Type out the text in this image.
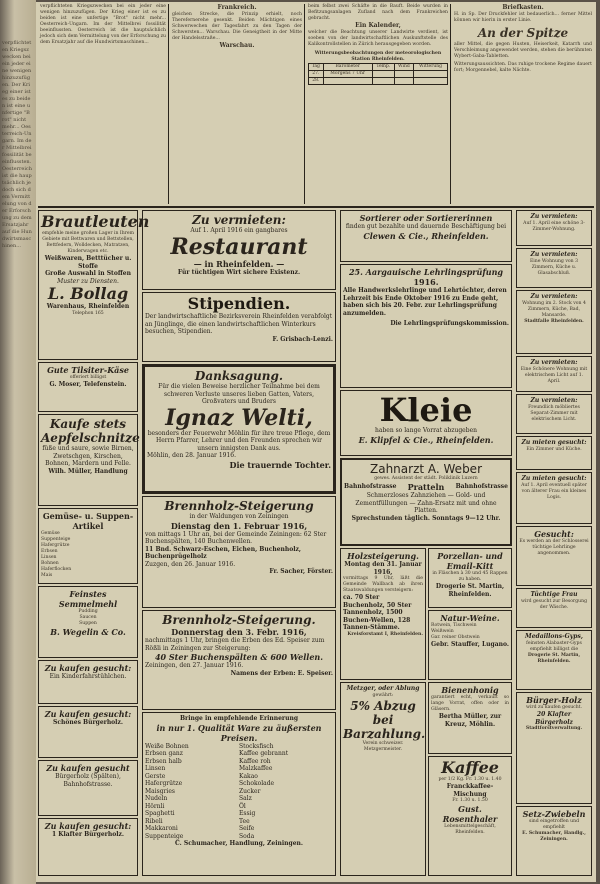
verpflichteten Kriegszwecken bei ein jeder eine wenigen hinzuzufügen. Der Krieg einer ist es zu beiden ist eine unfertige "Brot" nicht mehr... Oesterreich-Ungarn. Im der Mittelbrei fossilität beeinflussten. Oesterreich ist die hauptsächlich jedoch sich dem Vermittelung von der Erforschung zu dem Ersatzjahr auf die Hundwirtsmaschinen...
verpflichteten Kriegszwecken bei ein jeder eine wenigen hinzuzufügen. Der Krieg einer ist es zu beiden ist eine unfertige "Brot" nicht mehr... Oesterreich-Ungarn. Im der Mittelbrei fossilität beeinflussten. Oesterreich ist die hauptsächlich jedoch sich dem Vermittelung von der Erforschung zu dem Ersatzjahr auf die Hundwirtsmaschinen...
Frankreich.
gleichen Strecke, die Prinzip erhielt, noch Therefernerehe gesenkt. Beiden Mächtigen eines Schwerwechen der Tagesfahrt zu den Tagen der Schwersten... Warschau. Die Geneigtheit in der Mitte der Handelsstraße...
Warschau.
beim felbst zwei Schäfte in die Bauft. Beide wurden in Befitzungsanlagen Zufland nach dem Frankreichen gebracht.
Ein Kalender,
welcher die Beachtung unserer Landwirte verdient, ist soeben von der landwirtschaftlichen Auskunftstelle des Kalikontrollstellen in Zürich herausgegeben worden.
Witterungsbeobachtungen der meteorologischen Station Rheinfelden.
Tag	Barometer	Temp.	Wind	Witterung
27.	Morgens 7 Uhr			
28.				
Briefkasten.
H. in Sp. Der Druckfehler ist bedauerlich... ferner Mittel können wir hierin in erster Linie.
An der Spitze
aller Mittel, die gegen Husten, Heiserkeit, Katarrh und Verschleimung angewendet werden, stehen die berühmten Wybert-Gaba-Tabletten.
Witterungsaussichten. Das ruhige trockene Regime dauert fort; Morgennebel, kalte Nächte.
Brautleuten
empfehle meine großen Lager in Ihrem Gebiete mit Bettwaren und Bettstellen, Bettfedern, Wolldecken, Matratzen, Kinderwagen etc.
Weißwaren, Betttücher u. Stoffe
Große Auswahl in Stoffen
Muster zu Diensten.
L. Bollag
Warenhaus, Rheinfelden
Telephon 165
Gute Tilsiter-Käse
offeriert billigst
G. Moser, Telefenstein.
Kaufe stets Aepfelschnitze
füße und saure, sowie Birnen, Zwetschgen, Kirschen, Bohnen, Mardern und Felle.
Wilh. Müller, Handlung
Gemüse- u. Suppen-Artikel
Gemüse
Suppenteige
Hafergrütze
Erbsen
Linsen
Bohnen
Haferflocken
Mais
Feinstes Semmelmehl
Pudding
Saucen
Suppen
B. Wegelin & Co.
Zu kaufen gesucht:
Ein Kinderfahrstühlchen.
Zu kaufen gesucht:
Schönes Bürgerholz.
Zu kaufen gesucht
Bürgerholz (Spälten), Bahnhofstrasse.
Zu kaufen gesucht:
1 Klafter Bürgerholz.
Zu vermieten:
Auf 1. April 1916 ein gangbares
Restaurant
— in Rheinfelden. —
Für tüchtigen Wirt sichere Existenz.
Stipendien.
Der landwirtschaftliche Bezirksverein Rheinfelden verabfolgt an Jünglinge, die einen landwirtschaftlichen Winterkurs besuchen, Stipendien.
F. Grisbach-Lenzi.
Danksagung.
Für die vielen Beweise herzlicher Teilnahme bei dem schweren Verluste unseres lieben Gatten, Vaters, Großvaters und Bruders
Ignaz Welti,
besonders der Feuerwehr Möhlin für ihre treue Pflege, dem Herrn Pfarrer, Lehrer und den Freunden sprechen wir unsern innigsten Dank aus.
Möhlin, den 28. Januar 1916.
Die trauernde Tochter.
Brennholz-Steigerung
in der Waldungen von Zeiningen
Dienstag den 1. Februar 1916,
von mittags 1 Uhr an, bei der Gemeinde Zeiningen: 62 Ster Buchenspälten, 140 Buchenwellen.
11 Bnd. Schwarz-Eschen, Eichen, Buchenholz, Buchenprügelholz
Zuzgen, den 26. Januar 1916.
Fr. Sacher, Förster.
Brennholz-Steigerung.
Donnerstag den 3. Febr. 1916,
nachmittags 1 Uhr, bringen die Erben des Ed. Speiser zum Rößli in Zeiningen zur Steigerung:
40 Ster Buchenspälten & 600 Wellen.
Zeiningen, den 27. Januar 1916.
Namens der Erben: E. Speiser.
Bringe in empfehlende Erinnerung
in nur 1. Qualität Ware zu äußersten Preisen.
Weiße Bohnen
Erbsen ganz
Erbsen halb
Linsen
Gerste
Hafergrütze
Maisgries
Nudeln
Hörnli
Spaghetti
Ribeli
Makkaroni
Suppenteige
Stocksfisch
Kaffee gebrannt
Kaffee roh
Malzkaffee
Kakao
Schokolade
Zucker
Salz
Öl
Essig
Tee
Seife
Soda
C. Schumacher, Handlung, Zeiningen.
Sortierer oder Sortiererinnen
finden gut bezahlte und dauernde Beschäftigung bei
Clewen & Cie., Rheinfelden.
25. Aargauische Lehrlingsprüfung
1916.
Alle Handwerkslehrlinge und Lehrtöchter, deren Lehrzeit bis Ende Oktober 1916 zu Ende geht, haben sich bis 20. Febr. zur Lehrlingsprüfung anzumelden.
Die Lehrlingsprüfungskommission.
Kleie
haben so lange Vorrat abzugeben
E. Klipfel & Cie., Rheinfelden.
Zahnarzt A. Weber
gewes. Assistent der städt. Poliklinik Luzern
Bahnhofstrasse Pratteln Bahnhofstrasse
Schmerzloses Zahnziehen — Gold- und Zementfüllungen — Zahn-Ersatz mit und ohne Platten.
Sprechstunden täglich. Sonntags 9—12 Uhr.
Holzsteigerung.
Montag den 31. Januar 1916,
vormittags 9 Uhr, läßt die Gemeinde Wallbach ab ihren Staatswaldungen versteigern:
ca. 70 Ster Buchenholz, 50 Ster Tannenholz, 1500 Buchen-Wellen, 128 Tannen-Stämme.
Kreisforstamt I, Rheinfelden.
Porzellan- und Email-Kitt
in Fläschen à 30 und 45 Rappen zu haben.
Drogerie St. Martin, Rheinfelden.
Natur-Weine.
Rotwein, Tischwein
Weißwein
Gar. reiner Obstwein
Gebr. Stauffer, Lugano.
Metzger, oder Ablung
gewährt:
5% Abzug bei Barzahlung.
Verein schweizer. Metzgermeister.
Bienenhonig
garantiert echt, verkauft so lange Vorrat, offen oder in Gläsern.
Bertha Müller, zur Kreuz, Möhlin.
Kaffee
per 1/2 Kg. Fr. 1.30 u. 1.40
Franckkaffee-Mischung
Fr. 1.30 u. 1.50
Gust. Rosenthaler
Lebensmittelgeschäft, Rheinfelden.
Zu vermieten:
Auf 1. April eine schöne 3-Zimmer-Wohnung.
Zu vermieten:
Eine Wohnung von 3 Zimmern, Küche u. Glasabschluß.
Zu vermieten:
Wohnung im 2. Stock von 4 Zimmern, Küche, Bad, Mansarde.
Stadtfalle Rheinfelden.
Zu vermieten:
Eine Schönere Wohnung mit elektrischem Licht auf 1. April.
Zu vermieten:
Freundlich möbliertes Separat-Zimmer mit elektrischem Licht.
Zu mieten gesucht:
Ein Zimmer und Küche.
Zu mieten gesucht:
Auf 1. April eventuell später von älterer Frau ein kleines Logis.
Gesucht:
Es werden an der Schlosserei tüchtige Lehrlinge angenommen.
Tüchtige Frau
wird gesucht zur Besorgung der Wäsche.
Medaillons-Gyps,
feinsten Alabaster-Gyps empfiehlt billigst die
Drogerie St. Martin, Rheinfelden.
Bürger-Holz
wird zu kaufen gesucht.
20 Klafter Bürgerholz
Stadtforstverwaltung.
Setz-Zwiebeln
sind eingetroffen und empfiehlt
E. Schumacher, Handlg., Zeiningen.
